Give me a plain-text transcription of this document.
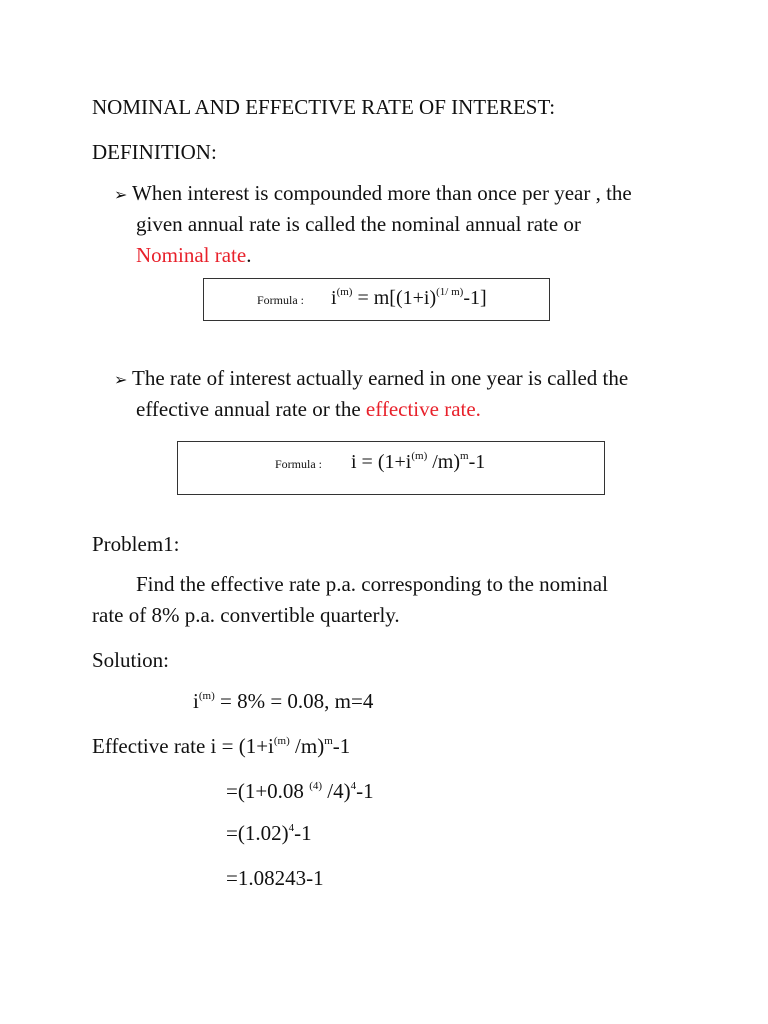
NOMINAL AND EFFECTIVE RATE OF INTEREST:
DEFINITION:
➢ When interest is compounded more than once per year , the
given annual rate is called the nominal annual rate or
Nominal rate.
Formula : $i^{(m)} = m[(1+i)^{(1/ m)}-1]$
➢ The rate of interest actually earned in one year is called the
effective annual rate or the effective rate.
Formula : $i = (1+i^{(m)}$ /m)$^m$-1
Problem1:
Find the effective rate p.a. corresponding to the nominal
rate of 8% p.a. convertible quarterly.
Solution:
$i^{(m)} = 8\% = 0.08$, m=4
Effective rate $i = (1+i^{(m)}$ /m)$^m$-1
=(1+0.08 $^{(4)}$ /4)$^4$-1
$=(1.02)^4-1$
=1.08243-1
